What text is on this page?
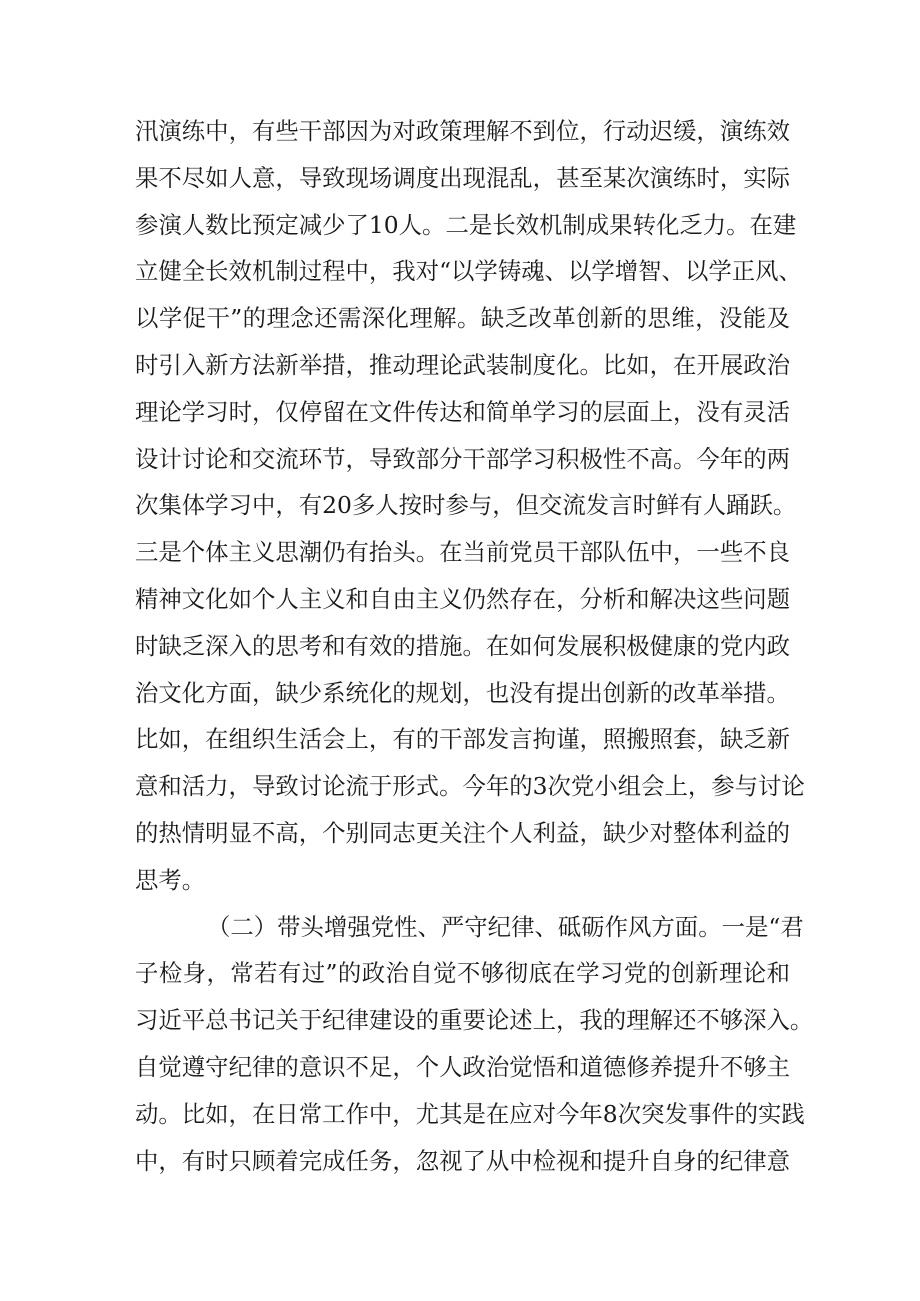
汛演练中，有些干部因为对政策理解不到位，行动迟缓，演练效
果不尽如人意，导致现场调度出现混乱，甚至某次演练时，实际
参演人数比预定减少了10人。二是长效机制成果转化乏力。在建
立健全长效机制过程中，我对“以学铸魂、以学增智、以学正风、
以学促干”的理念还需深化理解。缺乏改革创新的思维，没能及
时引入新方法新举措，推动理论武装制度化。比如，在开展政治
理论学习时，仅停留在文件传达和简单学习的层面上，没有灵活
设计讨论和交流环节，导致部分干部学习积极性不高。今年的两
次集体学习中，有20多人按时参与，但交流发言时鲜有人踊跃。
三是个体主义思潮仍有抬头。在当前党员干部队伍中，一些不良
精神文化如个人主义和自由主义仍然存在，分析和解决这些问题
时缺乏深入的思考和有效的措施。在如何发展积极健康的党内政
治文化方面，缺少系统化的规划，也没有提出创新的改革举措。
比如，在组织生活会上，有的干部发言拘谨，照搬照套，缺乏新
意和活力，导致讨论流于形式。今年的3次党小组会上，参与讨论
的热情明显不高，个别同志更关注个人利益，缺少对整体利益的
思考。
（二）带头增强党性、严守纪律、砥砺作风方面。一是“君
子检身，常若有过”的政治自觉不够彻底在学习党的创新理论和
习近平总书记关于纪律建设的重要论述上，我的理解还不够深入。
自觉遵守纪律的意识不足，个人政治觉悟和道德修养提升不够主
动。比如，在日常工作中，尤其是在应对今年8次突发事件的实践
中，有时只顾着完成任务，忽视了从中检视和提升自身的纪律意
